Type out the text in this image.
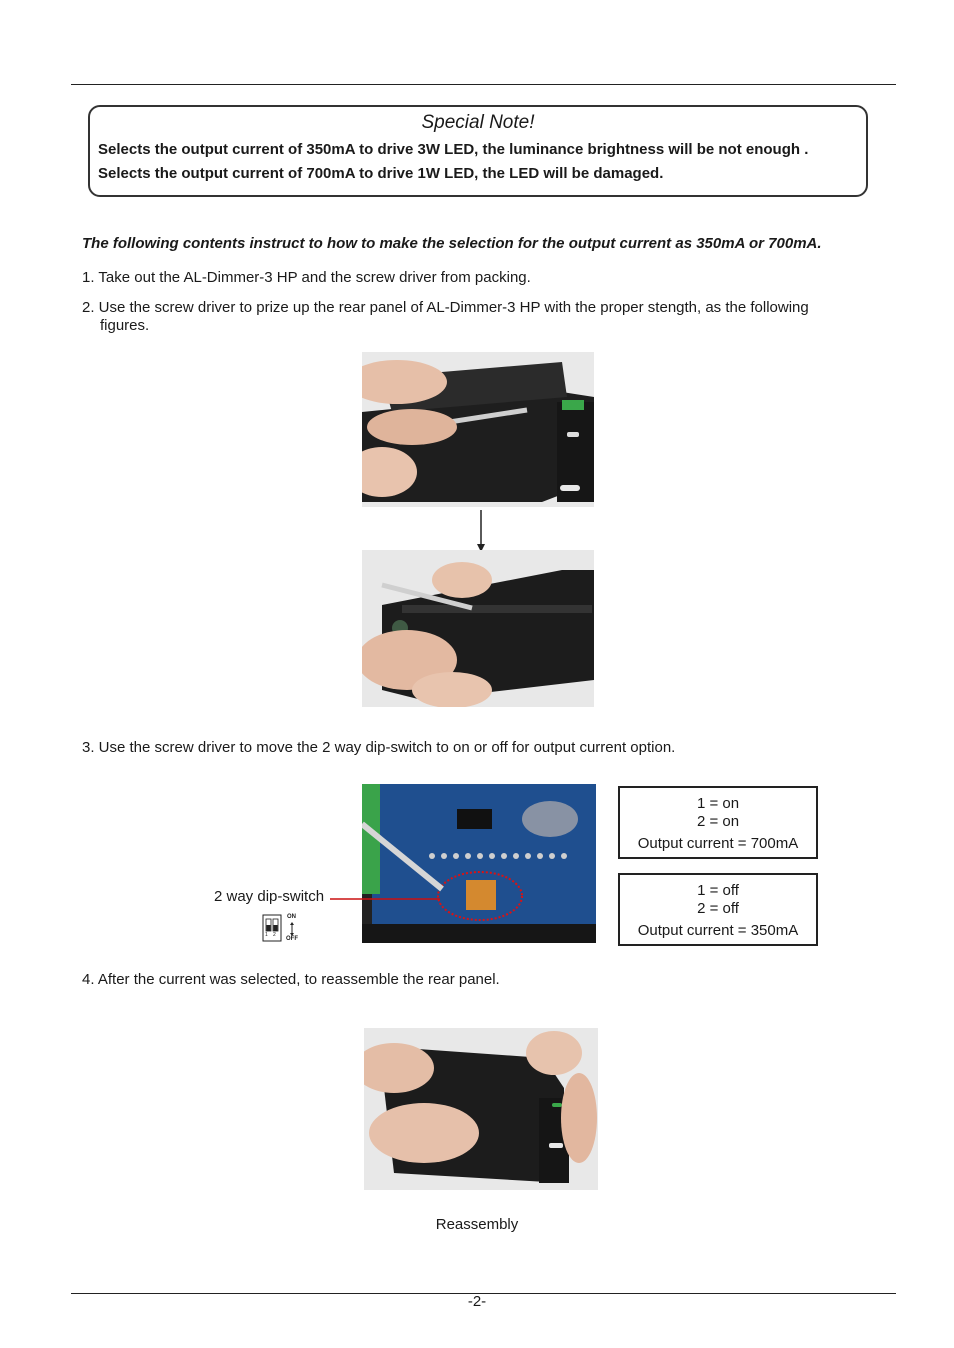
Special Note!
Selects the output current of 350mA to drive 3W LED, the luminance brightness will be not enough .
Selects the output current of 700mA to drive 1W LED, the LED will be damaged.
The following contents instruct to how to make the selection for the output current as 350mA or 700mA.
1. Take out the AL-Dimmer-3 HP and the screw driver from packing.
2. Use the screw driver to prize up the rear panel of AL-Dimmer-3 HP with the proper stength, as the following
figures.
3. Use the screw driver to move the 2 way dip-switch to on or off for output current option.
2 way dip-switch
1 2
ON
OFF
1 = on
2 = on
Output current = 700mA
1 = off
2 = off
Output current = 350mA
4. After the current was selected, to reassemble the rear panel.
Reassembly
-2-
